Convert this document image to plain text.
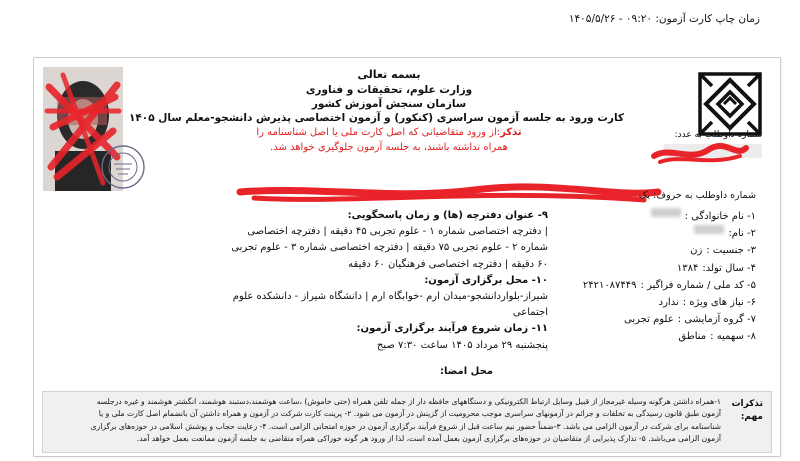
زمان چاپ کارت آزمون: ۰۹:۲۰ - ۱۴۰۵/۵/۲۶
شماره داوطلب به عدد:
بسمه تعالی
وزارت علوم، تحقیقات و فناوری
سازمان سنجش آموزش کشور
کارت ورود به جلسه آزمون سراسری (کنکور) و آزمون اختصاصی پذیرش دانشجو-معلم سال ۱۴۰۵
تذکر:از ورود متقاضیانی که اصل کارت ملی یا اصل شناسنامه را
همراه نداشته باشند، به جلسه آزمون جلوگیری خواهد شد.
شماره داوطلب به حروف: یک
۱- نام خانوادگی :
۲- نام:
۳- جنسیت :
زن
۴- سال تولد:
۱۳۸۴
۵- کد ملی / شماره فراگیر :
۲۴۲۱۰۸۷۴۴۹
۶- نیاز های ویژه :
ندارد
۷- گروه آزمایشی :
علوم تجربی
۸- سهمیه :
مناطق

۹- عنوان دفترچه (ها) و زمان پاسخگویی:

| دفترچه اختصاصی شماره ۱ - علوم تجربی ۴۵ دقیقه | دفترچه اختصاصی

شماره ۲ - علوم تجربی ۷۵ دقیقه | دفترچه اختصاصی شماره ۳ - علوم تجربی

۶۰ دقیقه | دفترچه اختصاصی فرهنگیان ۶۰ دقیقه

۱۰- محل برگزاری آزمون:

شیراز-بلواردانشجو-میدان ارم -خوابگاه ارم | دانشگاه شیراز - دانشکده علوم

اجتماعی

۱۱- زمان شروع فرآیند برگزاری آزمون:

پنجشنبه ۲۹ مرداد ۱۴۰۵ ساعت ۷:۳۰ صبح

محل امضا:

تذکرات
مهم:
۱-همراه داشتن هرگونه وسیله غیرمجاز از قبیل وسایل ارتباط الکترونیکی و دستگاههای حافظه دار از جمله تلفن همراه (حتی خاموش) ،ساعت هوشمند،دستبند هوشمند، انگشتر هوشمند و غیره درجلسه
آزمون طبق قانون رسیدگی به تخلفات و جرائم در آزمونهای سراسری موجب محرومیت از گزینش در آزمون می شود. ۲- پرینت کارت شرکت در آزمون و همراه داشتن آن بانضمام اصل کارت ملی و یا
شناسنامه برای شرکت در آزمون الزامی می باشد. ۳-ضمناً حضور نیم ساعت قبل از شروع فرآیند برگزاری آزمون در حوزه امتحانی الزامی است. ۴- رعایت حجاب و پوشش اسلامی در حوزه‌های برگزاری
آزمون الزامی می‌باشد. ۵- تدارک پذیرایی از متقاضیان در حوزه‌های برگزاری آزمون بعمل آمده است، لذا از ورود هر گونه خوراکی همراه متقاضی به جلسه آزمون ممانعت بعمل خواهد آمد.
